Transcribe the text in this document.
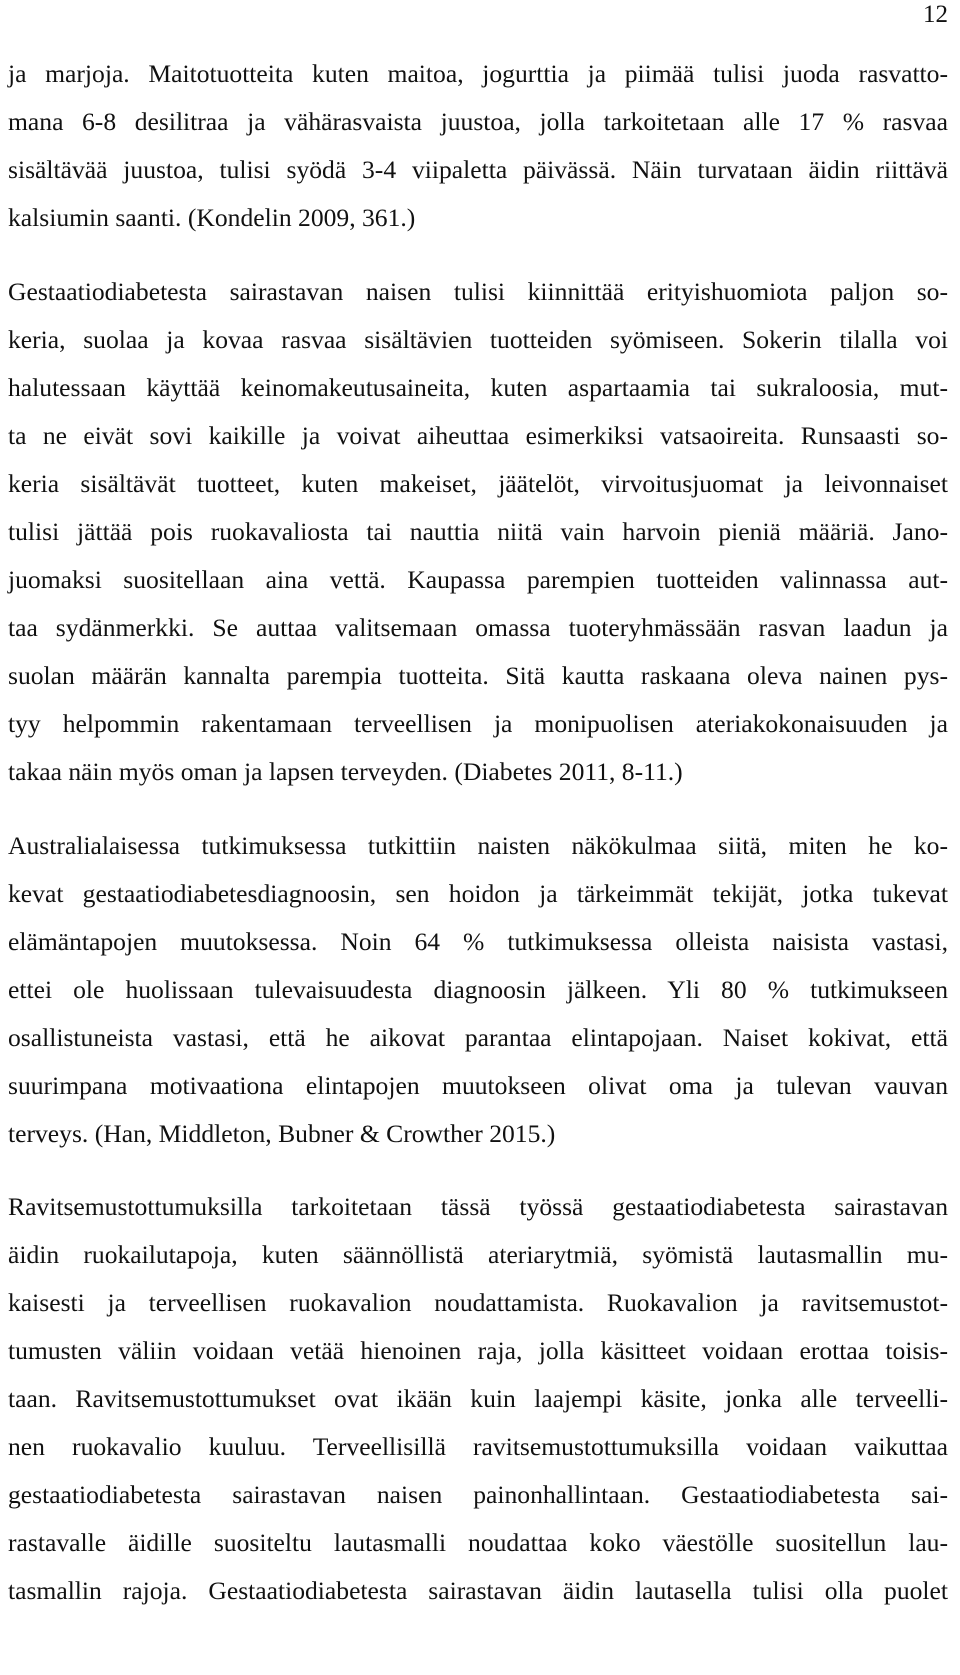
12
ja marjoja. Maitotuotteita kuten maitoa, jogurttia ja piimää tulisi juoda rasvatto-
mana 6-8 desilitraa ja vähärasvaista juustoa, jolla tarkoitetaan alle 17 % rasvaa
sisältävää juustoa, tulisi syödä 3-4 viipaletta päivässä. Näin turvataan äidin riittävä
kalsiumin saanti. (Kondelin 2009, 361.)
Gestaatiodiabetesta sairastavan naisen tulisi kiinnittää erityishuomiota paljon so-
keria, suolaa ja kovaa rasvaa sisältävien tuotteiden syömiseen. Sokerin tilalla voi
halutessaan käyttää keinomakeutusaineita, kuten aspartaamia tai sukraloosia, mut-
ta ne eivät sovi kaikille ja voivat aiheuttaa esimerkiksi vatsaoireita. Runsaasti so-
keria sisältävät tuotteet, kuten makeiset, jäätelöt, virvoitusjuomat ja leivonnaiset
tulisi jättää pois ruokavaliosta tai nauttia niitä vain harvoin pieniä määriä. Jano-
juomaksi suositellaan aina vettä. Kaupassa parempien tuotteiden valinnassa aut-
taa sydänmerkki. Se auttaa valitsemaan omassa tuoteryhmässään rasvan laadun ja
suolan määrän kannalta parempia tuotteita. Sitä kautta raskaana oleva nainen pys-
tyy helpommin rakentamaan terveellisen ja monipuolisen ateriakokonaisuuden ja
takaa näin myös oman ja lapsen terveyden. (Diabetes 2011, 8-11.)
Australialaisessa tutkimuksessa tutkittiin naisten näkökulmaa siitä, miten he ko-
kevat gestaatiodiabetesdiagnoosin, sen hoidon ja tärkeimmät tekijät, jotka tukevat
elämäntapojen muutoksessa. Noin 64 % tutkimuksessa olleista naisista vastasi,
ettei ole huolissaan tulevaisuudesta diagnoosin jälkeen. Yli 80 % tutkimukseen
osallistuneista vastasi, että he aikovat parantaa elintapojaan. Naiset kokivat, että
suurimpana motivaationa elintapojen muutokseen olivat oma ja tulevan vauvan
terveys. (Han, Middleton, Bubner & Crowther 2015.)
Ravitsemustottumuksilla tarkoitetaan tässä työssä gestaatiodiabetesta sairastavan
äidin ruokailutapoja, kuten säännöllistä ateriarytmiä, syömistä lautasmallin mu-
kaisesti ja terveellisen ruokavalion noudattamista. Ruokavalion ja ravitsemustot-
tumusten väliin voidaan vetää hienoinen raja, jolla käsitteet voidaan erottaa toisis-
taan. Ravitsemustottumukset ovat ikään kuin laajempi käsite, jonka alle terveelli-
nen ruokavalio kuuluu. Terveellisillä ravitsemustottumuksilla voidaan vaikuttaa
gestaatiodiabetesta sairastavan naisen painonhallintaan. Gestaatiodiabetesta sai-
rastavalle äidille suositeltu lautasmalli noudattaa koko väestölle suositellun lau-
tasmallin rajoja. Gestaatiodiabetesta sairastavan äidin lautasella tulisi olla puolet
